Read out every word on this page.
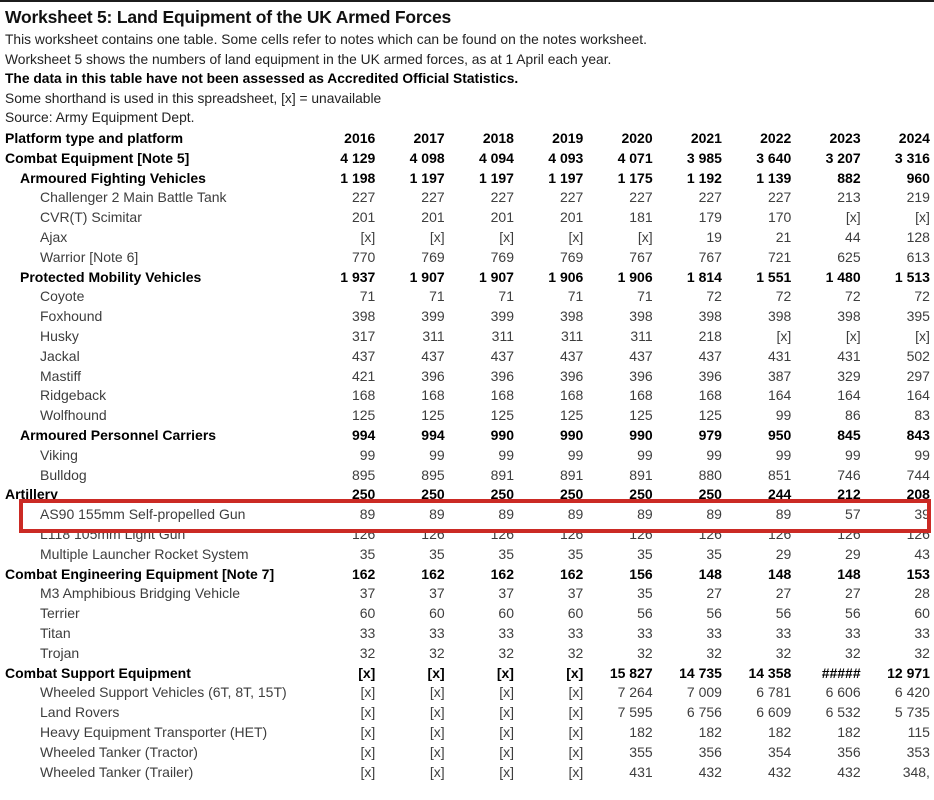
Worksheet 5: Land Equipment of the UK Armed Forces
This worksheet contains one table. Some cells refer to notes which can be found on the notes worksheet.
Worksheet 5 shows the numbers of land equipment in the UK armed forces, as at 1 April each year.
The data in this table have not been assessed as Accredited Official Statistics.
Some shorthand is used in this spreadsheet, [x] = unavailable
Source: Army Equipment Dept.
Platform type and platform	2016	2017	2018	2019	2020	2021	2022	2023	2024
Combat Equipment [Note 5]	4 129	4 098	4 094	4 093	4 071	3 985	3 640	3 207	3 316
Armoured Fighting Vehicles	1 198	1 197	1 197	1 197	1 175	1 192	1 139	882	960
Challenger 2 Main Battle Tank	227	227	227	227	227	227	227	213	219
CVR(T) Scimitar	201	201	201	201	181	179	170	[x]	[x]
Ajax	[x]	[x]	[x]	[x]	[x]	19	21	44	128
Warrior [Note 6]	770	769	769	769	767	767	721	625	613
Protected Mobility Vehicles	1 937	1 907	1 907	1 906	1 906	1 814	1 551	1 480	1 513
Coyote	71	71	71	71	71	72	72	72	72
Foxhound	398	399	399	398	398	398	398	398	395
Husky	317	311	311	311	311	218	[x]	[x]	[x]
Jackal	437	437	437	437	437	437	431	431	502
Mastiff	421	396	396	396	396	396	387	329	297
Ridgeback	168	168	168	168	168	168	164	164	164
Wolfhound	125	125	125	125	125	125	99	86	83
Armoured Personnel Carriers	994	994	990	990	990	979	950	845	843
Viking	99	99	99	99	99	99	99	99	99
Bulldog	895	895	891	891	891	880	851	746	744
Artillery	250	250	250	250	250	250	244	212	208
AS90 155mm Self-propelled Gun	89	89	89	89	89	89	89	57	39
L118 105mm Light Gun	126	126	126	126	126	126	126	126	126
Multiple Launcher Rocket System	35	35	35	35	35	35	29	29	43
Combat Engineering Equipment [Note 7]	162	162	162	162	156	148	148	148	153
M3 Amphibious Bridging Vehicle	37	37	37	37	35	27	27	27	28
Terrier	60	60	60	60	56	56	56	56	60
Titan	33	33	33	33	33	33	33	33	33
Trojan	32	32	32	32	32	32	32	32	32
Combat Support Equipment	[x]	[x]	[x]	[x]	15 827	14 735	14 358	#####	12 971
Wheeled Support Vehicles (6T, 8T, 15T)	[x]	[x]	[x]	[x]	7 264	7 009	6 781	6 606	6 420
Land Rovers	[x]	[x]	[x]	[x]	7 595	6 756	6 609	6 532	5 735
Heavy Equipment Transporter (HET)	[x]	[x]	[x]	[x]	182	182	182	182	115
Wheeled Tanker (Tractor)	[x]	[x]	[x]	[x]	355	356	354	356	353
Wheeled Tanker (Trailer)	[x]	[x]	[x]	[x]	431	432	432	432	348,
